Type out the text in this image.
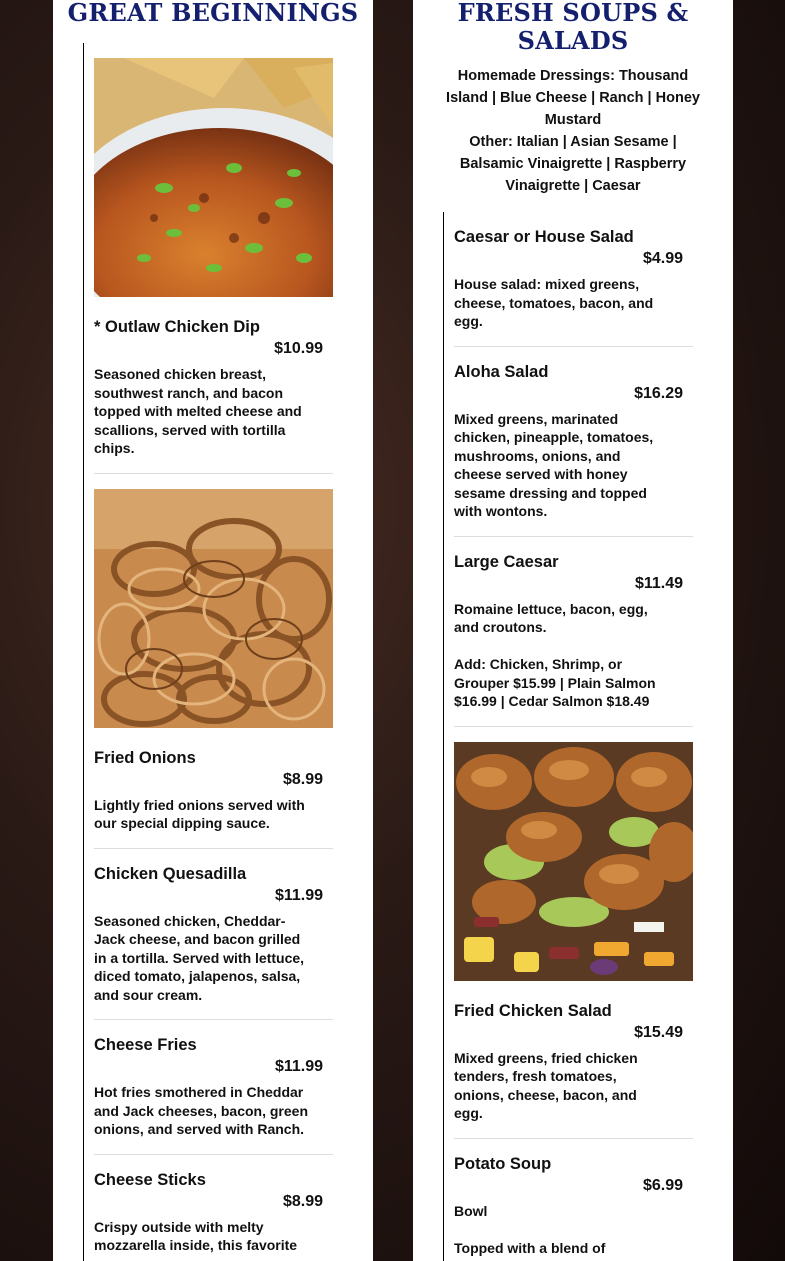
GREAT BEGINNINGS
* Outlaw Chicken Dip
$10.99
Seasoned chicken breast, southwest ranch, and bacon topped with melted cheese and scallions, served with tortilla chips.
Fried Onions
$8.99
Lightly fried onions served with our special dipping sauce.
Chicken Quesadilla
$11.99
Seasoned chicken, Cheddar-Jack cheese, and bacon grilled in a tortilla. Served with lettuce, diced tomato, jalapenos, salsa, and sour cream.
Cheese Fries
$11.99
Hot fries smothered in Cheddar and Jack cheeses, bacon, green onions, and served with Ranch.
Cheese Sticks
$8.99
Crispy outside with melty mozzarella inside, this favorite
FRESH SOUPS & SALADS
Homemade Dressings: Thousand Island | Blue Cheese | Ranch | Honey Mustard
Other: Italian | Asian Sesame | Balsamic Vinaigrette | Raspberry Vinaigrette | Caesar
Caesar or House Salad
$4.99
House salad: mixed greens, cheese, tomatoes, bacon, and egg.
Aloha Salad
$16.29
Mixed greens, marinated chicken, pineapple, tomatoes, mushrooms, onions, and cheese served with honey sesame dressing and topped with wontons.
Large Caesar
$11.49
Romaine lettuce, bacon, egg, and croutons.

Add: Chicken, Shrimp, or Grouper $15.99 | Plain Salmon $16.99 | Cedar Salmon $18.49
Fried Chicken Salad
$15.49
Mixed greens, fried chicken tenders, fresh tomatoes, onions, cheese, bacon, and egg.
Potato Soup
$6.99
Bowl

Topped with a blend of
